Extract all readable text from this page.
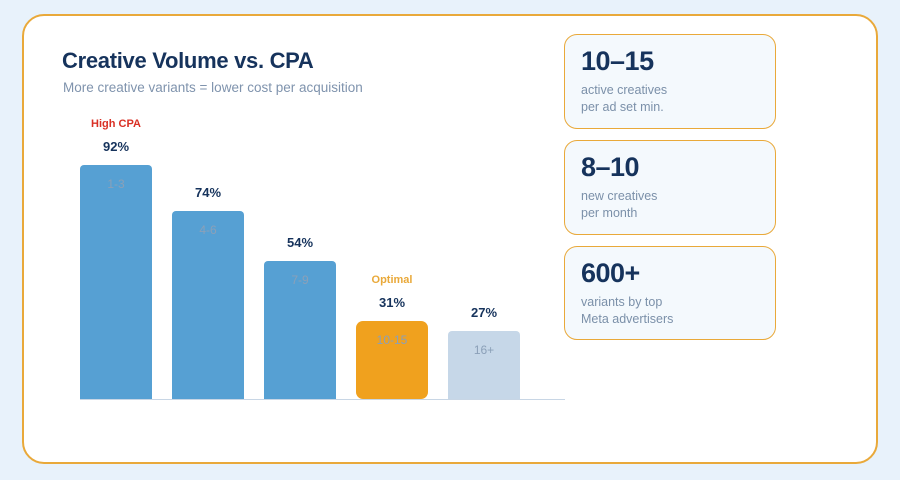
Creative Volume vs. CPA
More creative variants = lower cost per acquisition
High CPA
92%
1-3
74%
4-6
54%
7-9	Optimal
31%
10-15
27%
16+
10–15
active creatives
per ad set min.
8–10
new creatives
per month
600+
variants by top
Meta advertisers
